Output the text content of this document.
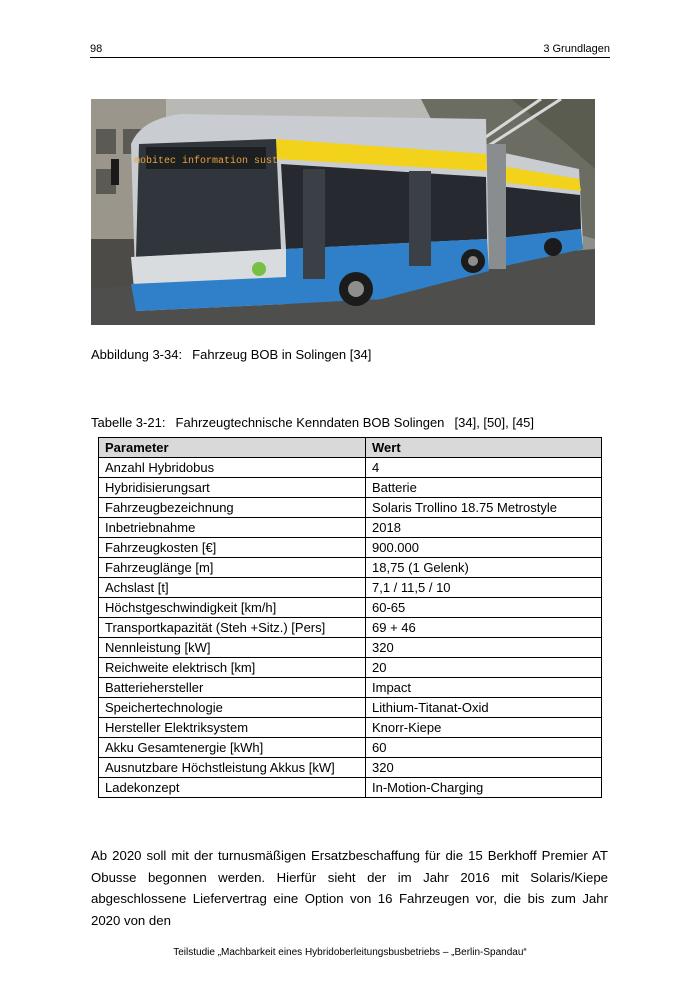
98	3 Grundlagen
mobitec information sust
Abbildung 3-34:  Fahrzeug BOB in Solingen [34]
Tabelle 3-21:  Fahrzeugtechnische Kenndaten BOB Solingen  [34], [50], [45]
Parameter	Wert
Anzahl Hybridobus	4
Hybridisierungsart	Batterie
Fahrzeugbezeichnung	Solaris Trollino 18.75 Metrostyle
Inbetriebnahme	2018
Fahrzeugkosten [€]	900.000
Fahrzeuglänge [m]	18,75 (1 Gelenk)
Achslast [t]	7,1 / 11,5 / 10
Höchstgeschwindigkeit [km/h]	60-65
Transportkapazität (Steh +Sitz.) [Pers]	69 + 46
Nennleistung [kW]	320
Reichweite elektrisch [km]	20
Batteriehersteller	Impact
Speichertechnologie	Lithium-Titanat-Oxid
Hersteller Elektriksystem	Knorr-Kiepe
Akku Gesamtenergie [kWh]	60
Ausnutzbare Höchstleistung Akkus [kW]	320
Ladekonzept	In-Motion-Charging
Ab 2020 soll mit der turnusmäßigen Ersatzbeschaffung für die 15 Berkhoff Premier AT Obusse begonnen werden. Hierfür sieht der im Jahr 2016 mit Solaris/Kiepe abgeschlossene Liefervertrag eine Option von 16 Fahrzeugen vor, die bis zum Jahr 2020 von den
Teilstudie „Machbarkeit eines Hybridoberleitungsbusbetriebs – „Berlin-Spandau“
